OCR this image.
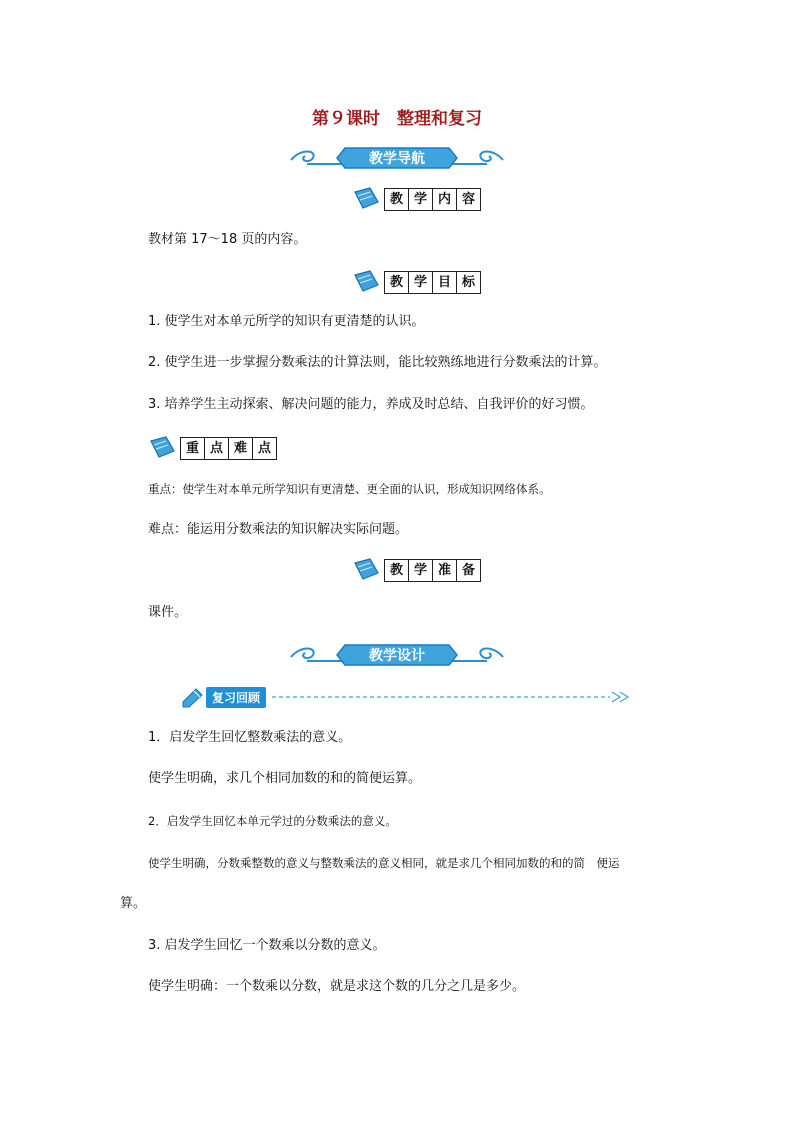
第９课时　整理和复习
教学导航
教 学 内 容
教材第 17～18 页的内容。
教 学 目 标
1. 使学生对本单元所学的知识有更清楚的认识。
2. 使学生进一步掌握分数乘法的计算法则，能比较熟练地进行分数乘法的计算。
3. 培养学生主动探索、解决问题的能力，养成及时总结、自我评价的好习惯。
重 点 难 点
重点：使学生对本单元所学知识有更清楚、更全面的认识，形成知识网络体系。
难点：能运用分数乘法的知识解决实际问题。
教 学 准 备
课件。
教学设计
复习回顾
1．启发学生回忆整数乘法的意义。
使学生明确，求几个相同加数的和的简便运算。
2．启发学生回忆本单元学过的分数乘法的意义。
使学生明确，分数乘整数的意义与整数乘法的意义相同，就是求几个相同加数的和的简　便运
算。
3. 启发学生回忆一个数乘以分数的意义。
使学生明确：一个数乘以分数，就是求这个数的几分之几是多少。
